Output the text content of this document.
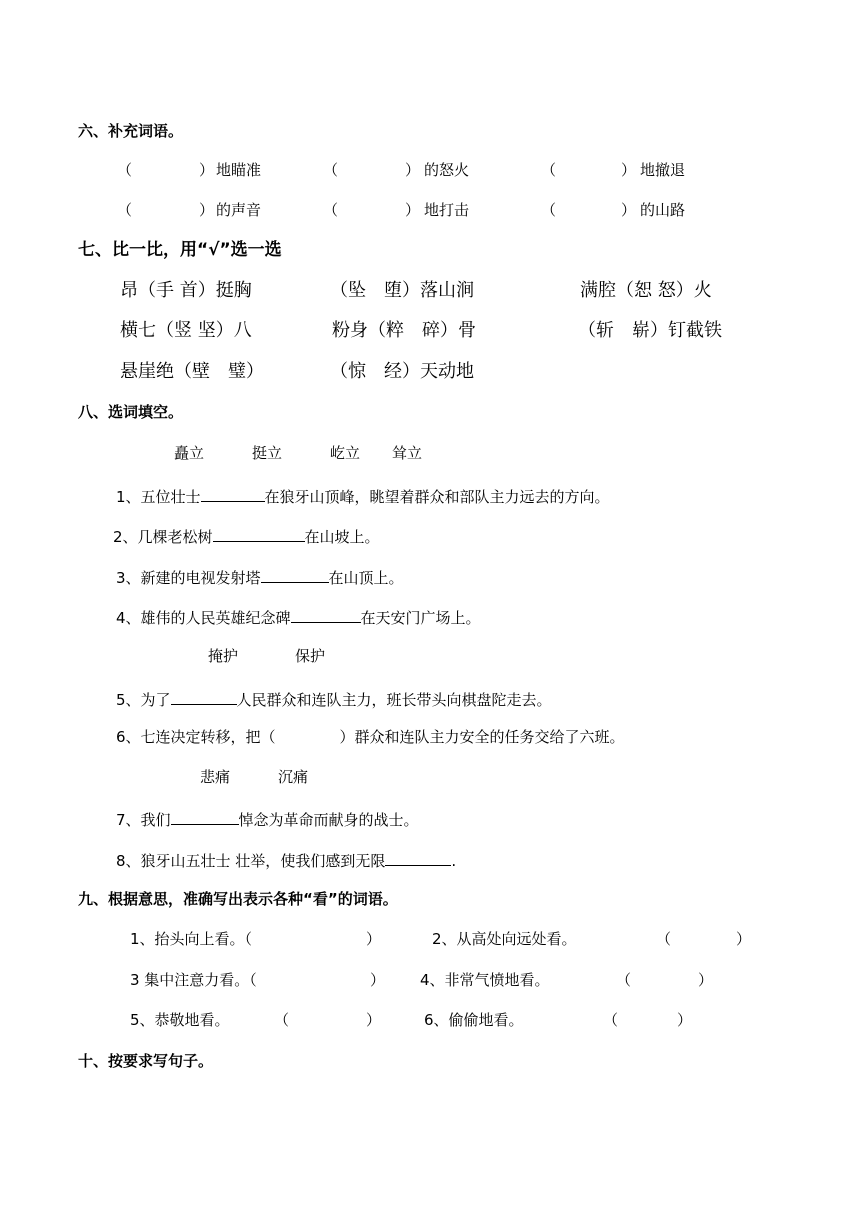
六、补充词语。
（	） 地瞄准	（	） 的怒火	（	） 地撤退
（	） 的声音	（	） 地打击	（	） 的山路
七、比一比，用“√”选一选
昂（手 首）挺胸	（坠　堕）落山涧	满腔（恕 怒）火
横七（竖 坚）八	粉身（粹　碎）骨	（斩　崭）钉截铁
悬崖绝（壁　璧）	（惊　经）天动地
八、选词填空。
矗立	挺立	屹立 耸立
1、五位壮士	在狼牙山顶峰，眺望着群众和部队主力远去的方向。
2、几棵老松树	在山坡上。
3、新建的电视发射塔	在山顶上。
4、雄伟的人民英雄纪念碑	在天安门广场上。
掩护	保护
5、为了	人民群众和连队主力，班长带头向棋盘陀走去。
6、七连决定转移，把（	）群众和连队主力安全的任务交给了六班。
悲痛	沉痛
7、我们	悼念为革命而献身的战士。
8、狼牙山五壮士 壮举，使我们感到无限	.
九、根据意思，准确写出表示各种“看”的词语。
1、抬头向上看。（	）	2、从高处向远处看。	（	）
3 集中注意力看。（	） 4、非常气愤地看。	（	）
5、恭敬地看。	（	）	6、偷偷地看。	（	）
十、按要求写句子。
